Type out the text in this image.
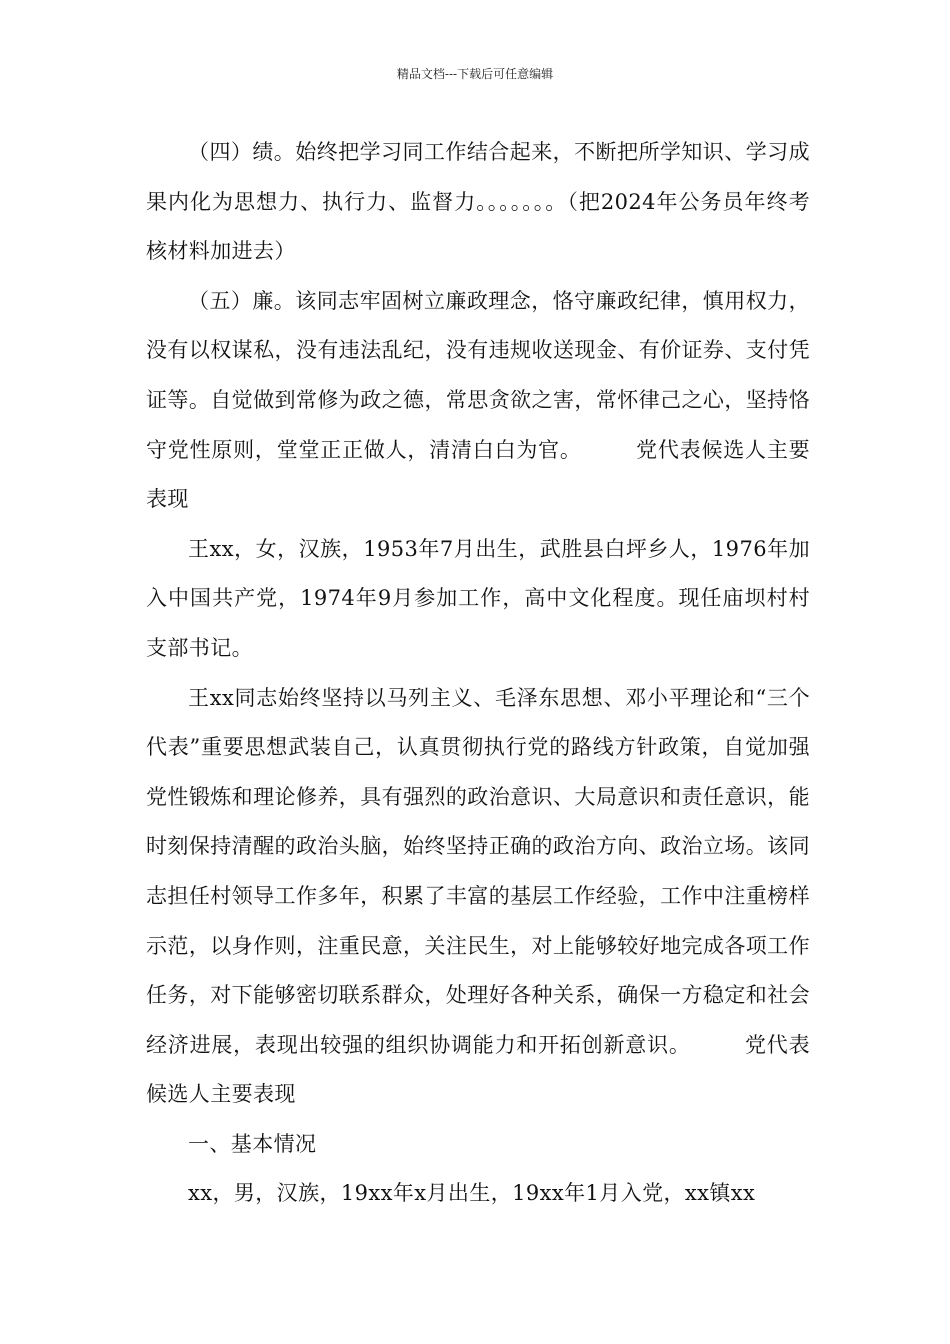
精品文档---下载后可任意编辑

（四）绩。始终把学习同工作结合起来，不断把所学知识、学习成果内化为思想力、执行力、监督力。。。。。。。（把2024年公务员年终考核材料加进去）

（五）廉。该同志牢固树立廉政理念，恪守廉政纪律，慎用权力，没有以权谋私，没有违法乱纪，没有违规收送现金、有价证券、支付凭证等。自觉做到常修为政之德，常思贪欲之害，常怀律己之心，坚持恪守党性原则，堂堂正正做人，清清白白为官。	党代表候选人主要表现

王xx，女，汉族，1953年7月出生，武胜县白坪乡人，1976年加入中国共产党，1974年9月参加工作，高中文化程度。现任庙坝村村支部书记。

王xx同志始终坚持以马列主义、毛泽东思想、邓小平理论和“三个代表”重要思想武装自己，认真贯彻执行党的路线方针政策，自觉加强党性锻炼和理论修养，具有强烈的政治意识、大局意识和责任意识，能时刻保持清醒的政治头脑，始终坚持正确的政治方向、政治立场。该同志担任村领导工作多年，积累了丰富的基层工作经验，工作中注重榜样示范，以身作则，注重民意，关注民生，对上能够较好地完成各项工作任务，对下能够密切联系群众，处理好各种关系，确保一方稳定和社会经济进展，表现出较强的组织协调能力和开拓创新意识。	党代表候选人主要表现

一、基本情况

xx，男，汉族，19xx年x月出生，19xx年1月入党，xx镇xx
